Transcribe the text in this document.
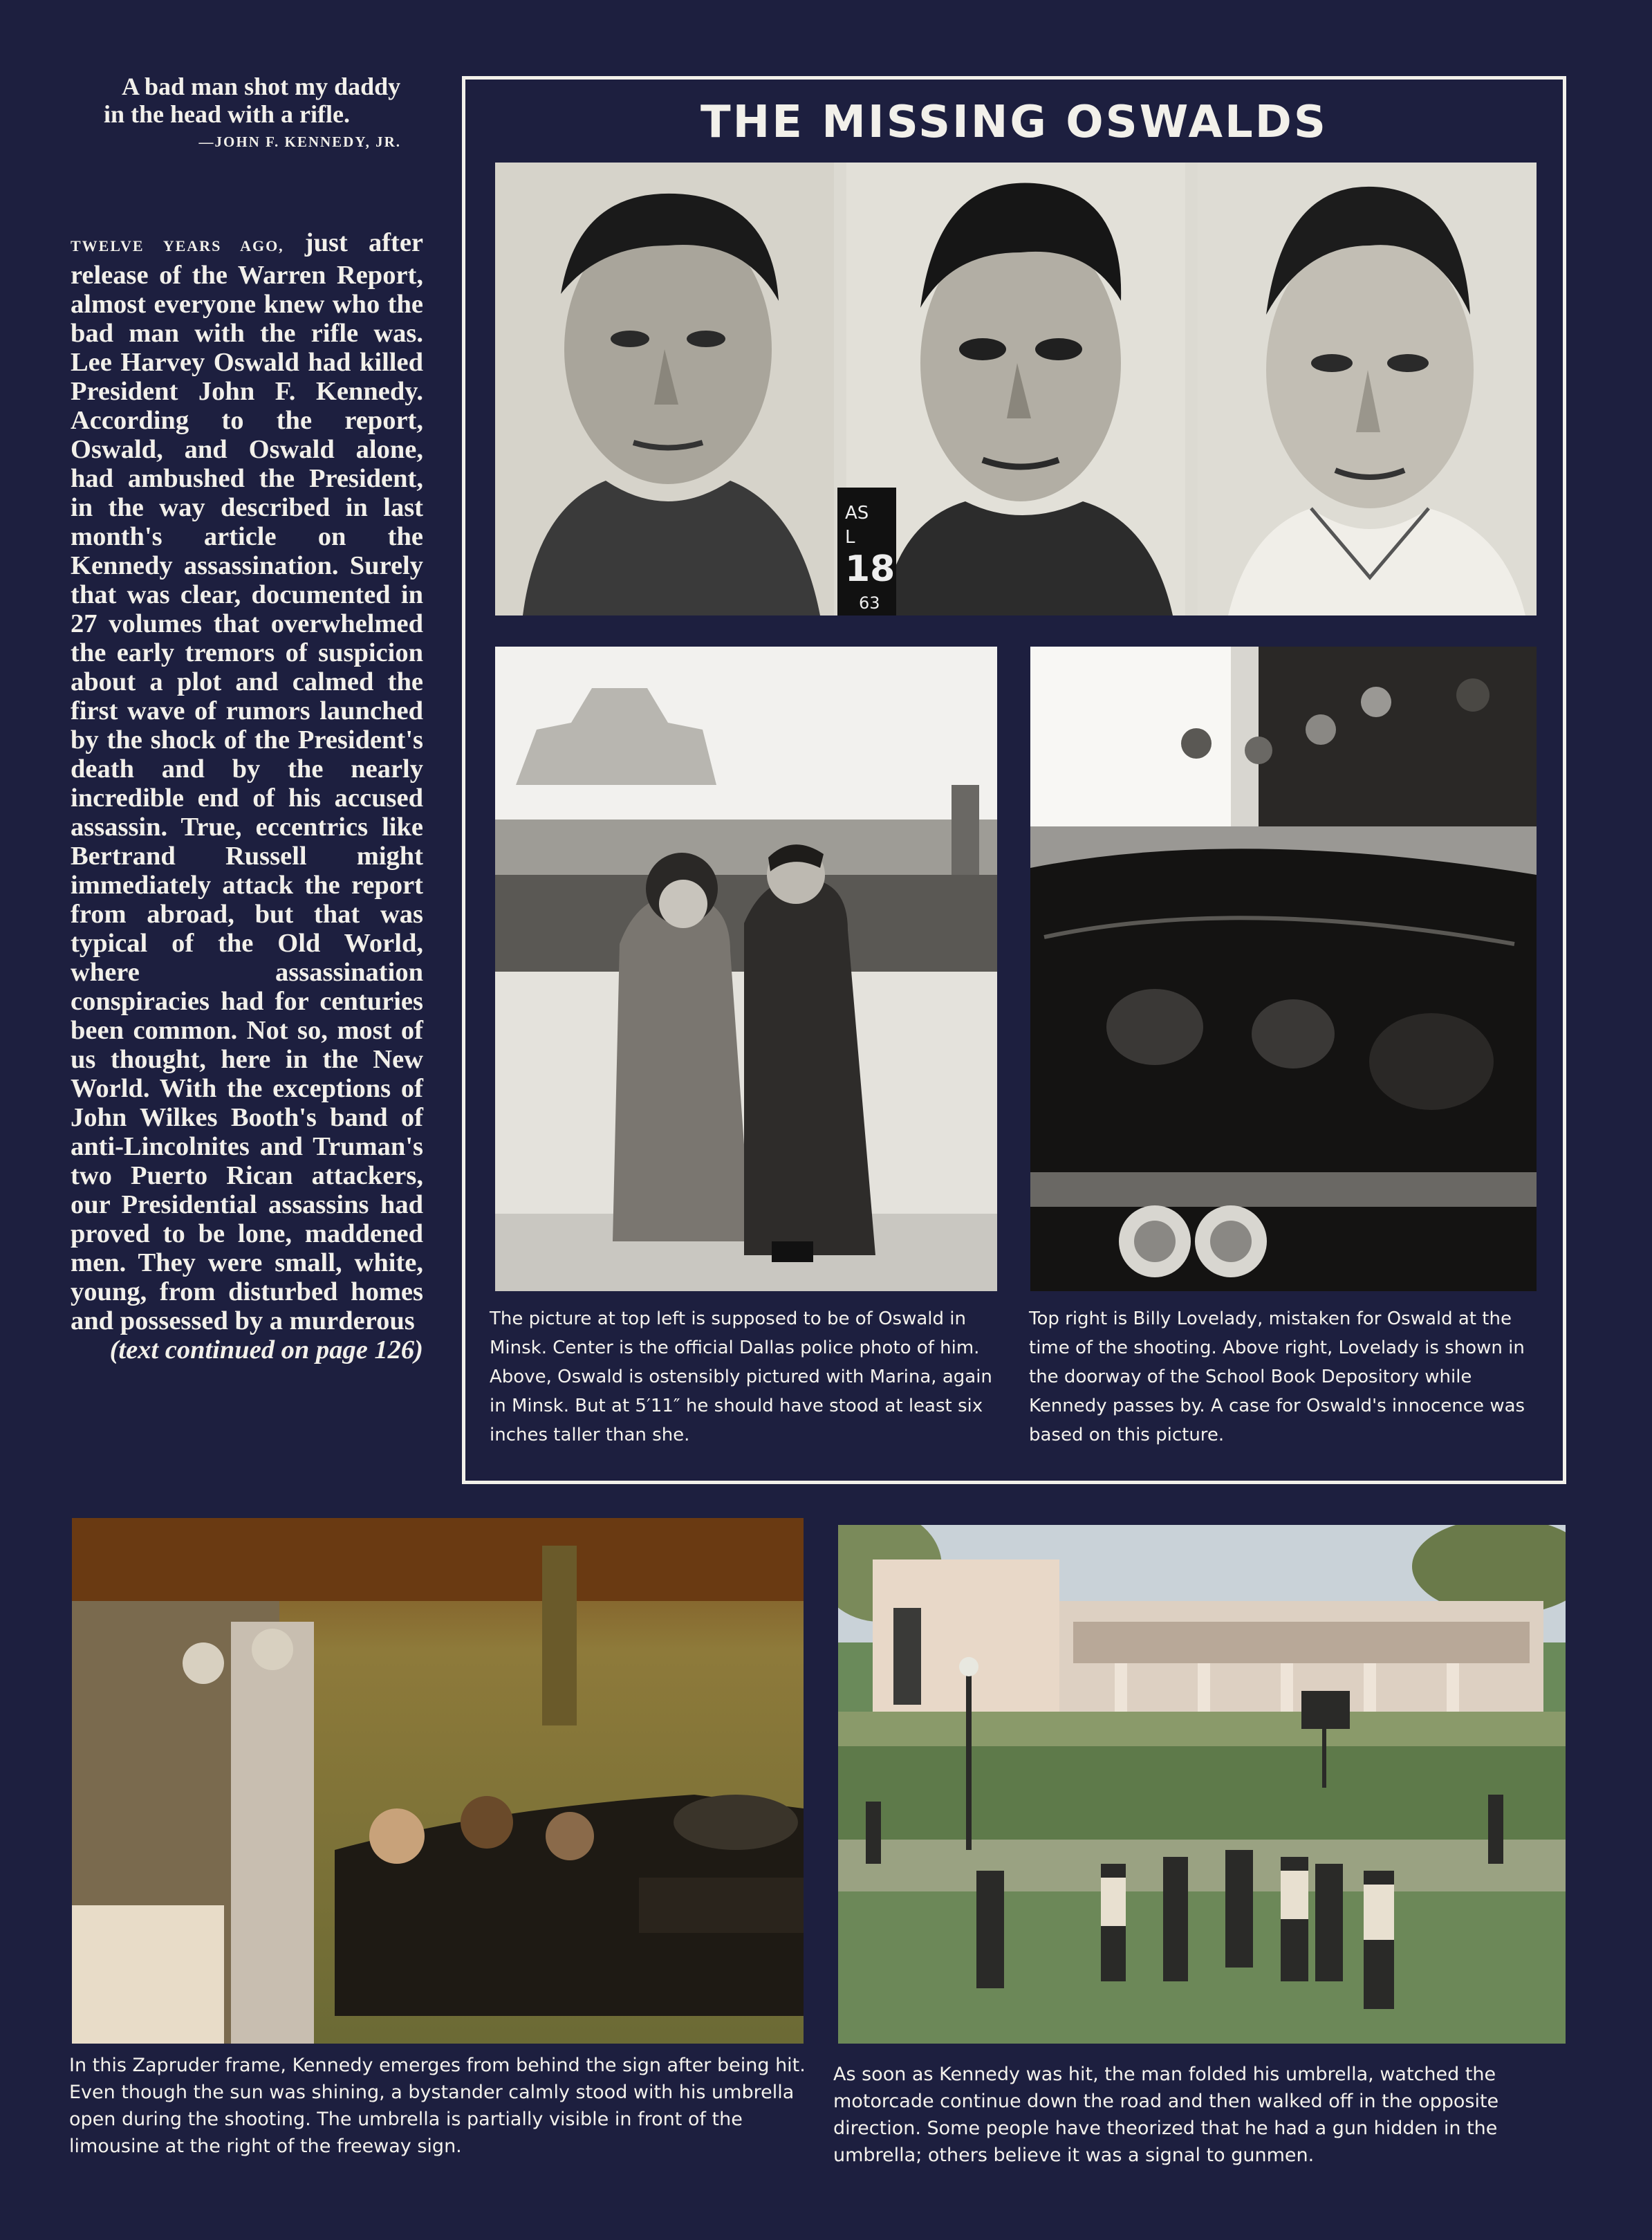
A bad man shot my daddy in the head with a rifle.

—JOHN F. KENNEDY, JR.

TWELVE YEARS AGO, just after release of the Warren Report, almost everyone knew who the bad man with the rifle was. Lee Harvey Oswald had killed President John F. Kennedy. According to the report, Oswald, and Oswald alone, had ambushed the President, in the way described in last month's article on the Kennedy assassination. Surely that was clear, documented in 27 volumes that overwhelmed the early tremors of suspicion about a plot and calmed the first wave of rumors launched by the shock of the President's death and by the nearly incredible end of his accused assassin. True, eccentrics like Bertrand Russell might immediately attack the report from abroad, but that was typical of the Old World, where assassination conspiracies had for centuries been common. Not so, most of us thought, here in the New World. With the exceptions of John Wilkes Booth's band of anti-Lincolnites and Truman's two Puerto Rican attackers, our Presidential assassins had proved to be lone, maddened men. They were small, white, young, from disturbed homes and possessed by a murderous
(text continued on page 126)

THE MISSING OSWALDS
AS
L
18
63

The picture at top left is supposed to be of Oswald in Minsk. Center is the official Dallas police photo of him. Above, Oswald is ostensibly pictured with Marina, again in Minsk. But at 5′11″ he should have stood at least six inches taller than she.

Top right is Billy Lovelady, mistaken for Oswald at the time of the shooting. Above right, Lovelady is shown in the doorway of the School Book Depository while Kennedy passes by. A case for Oswald's innocence was based on this picture.

In this Zapruder frame, Kennedy emerges from behind the sign after being hit. Even though the sun was shining, a bystander calmly stood with his umbrella open during the shooting. The umbrella is partially visible in front of the limousine at the right of the freeway sign.

As soon as Kennedy was hit, the man folded his umbrella, watched the motorcade continue down the road and then walked off in the opposite direction. Some people have theorized that he had a gun hidden in the umbrella; others believe it was a signal to gunmen.
